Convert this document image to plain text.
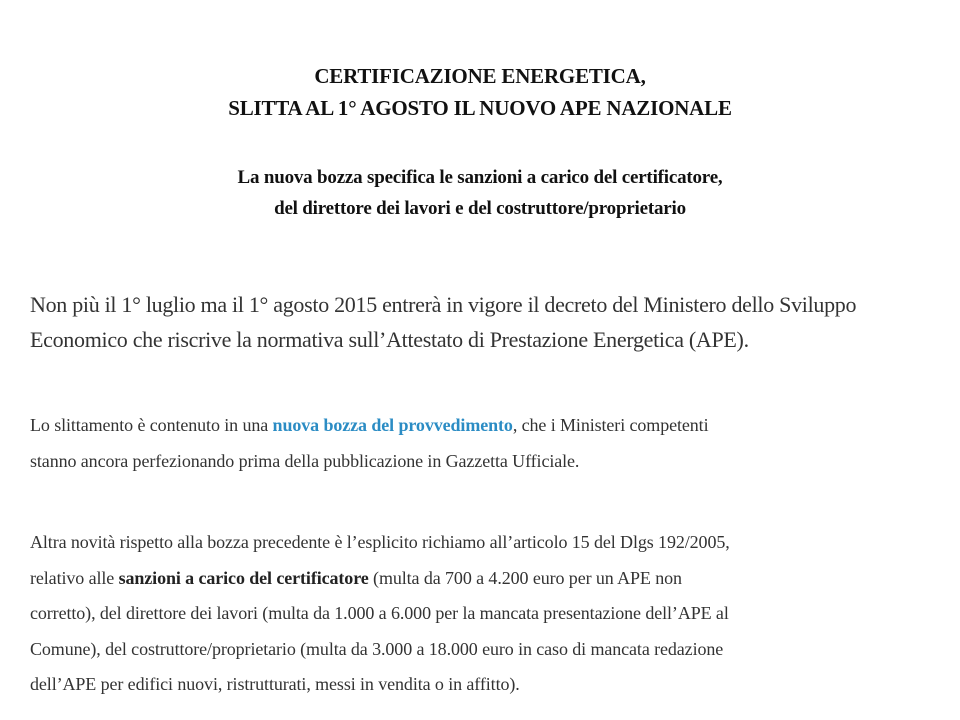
CERTIFICAZIONE ENERGETICA,
SLITTA AL 1° AGOSTO IL NUOVO APE NAZIONALE
La nuova bozza specifica le sanzioni a carico del certificatore,
del direttore dei lavori e del costruttore/proprietario
Non più il 1° luglio ma il 1° agosto 2015 entrerà in vigore il decreto del Ministero dello Sviluppo
Economico che riscrive la normativa sull’Attestato di Prestazione Energetica (APE).
Lo slittamento è contenuto in una nuova bozza del provvedimento, che i Ministeri competenti
stanno ancora perfezionando prima della pubblicazione in Gazzetta Ufficiale.
Altra novità rispetto alla bozza precedente è l’esplicito richiamo all’articolo 15 del Dlgs 192/2005,
relativo alle sanzioni a carico del certificatore (multa da 700 a 4.200 euro per un APE non
corretto), del direttore dei lavori (multa da 1.000 a 6.000 per la mancata presentazione dell’APE al
Comune), del costruttore/proprietario (multa da 3.000 a 18.000 euro in caso di mancata redazione
dell’APE per edifici nuovi, ristrutturati, messi in vendita o in affitto).
